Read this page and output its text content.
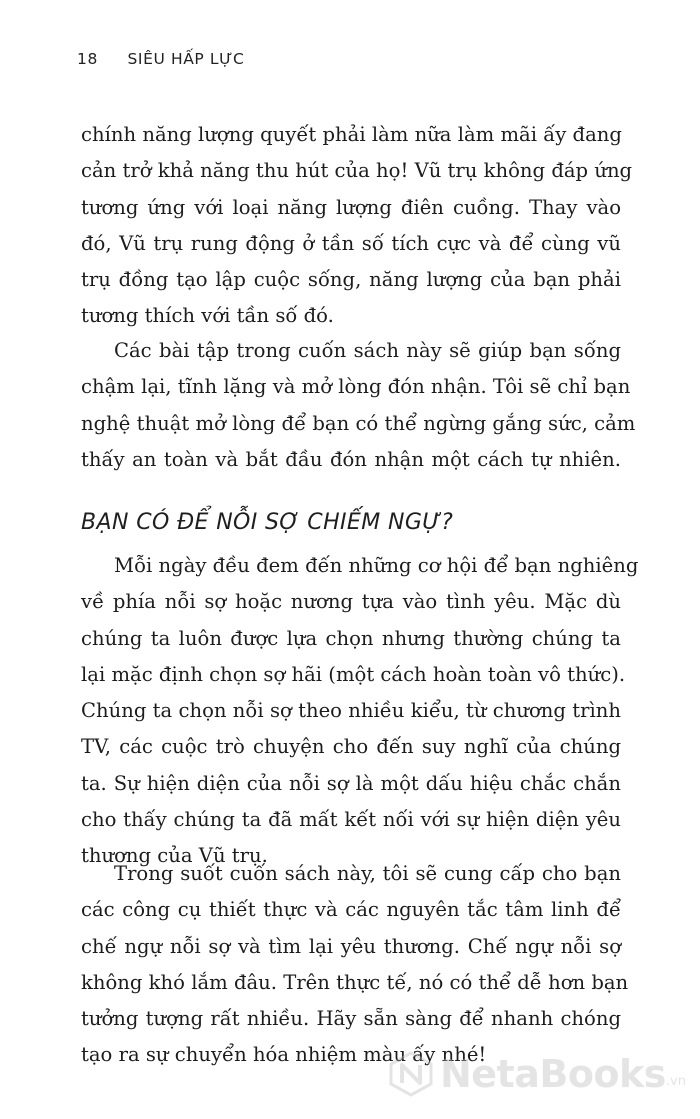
18 SIÊU HẤP LỰC
chính năng lượng quyết phải làm nữa làm mãi ấy đang
cản trở khả năng thu hút của họ! Vũ trụ không đáp ứng
tương ứng với loại năng lượng điên cuồng. Thay vào
đó, Vũ trụ rung động ở tần số tích cực và để cùng vũ
trụ đồng tạo lập cuộc sống, năng lượng của bạn phải
tương thích với tần số đó.
Các bài tập trong cuốn sách này sẽ giúp bạn sống
chậm lại, tĩnh lặng và mở lòng đón nhận. Tôi sẽ chỉ bạn
nghệ thuật mở lòng để bạn có thể ngừng gắng sức, cảm
thấy an toàn và bắt đầu đón nhận một cách tự nhiên.
BẠN CÓ ĐỂ NỖI SỢ CHIẾM NGỰ?
Mỗi ngày đều đem đến những cơ hội để bạn nghiêng
về phía nỗi sợ hoặc nương tựa vào tình yêu. Mặc dù
chúng ta luôn được lựa chọn nhưng thường chúng ta
lại mặc định chọn sợ hãi (một cách hoàn toàn vô thức).
Chúng ta chọn nỗi sợ theo nhiều kiểu, từ chương trình
TV, các cuộc trò chuyện cho đến suy nghĩ của chúng
ta. Sự hiện diện của nỗi sợ là một dấu hiệu chắc chắn
cho thấy chúng ta đã mất kết nối với sự hiện diện yêu
thương của Vũ trụ.
Trong suốt cuốn sách này, tôi sẽ cung cấp cho bạn
các công cụ thiết thực và các nguyên tắc tâm linh để
chế ngự nỗi sợ và tìm lại yêu thương. Chế ngự nỗi sợ
không khó lắm đâu. Trên thực tế, nó có thể dễ hơn bạn
tưởng tượng rất nhiều. Hãy sẵn sàng để nhanh chóng
tạo ra sự chuyển hóa nhiệm màu ấy nhé!
NetaBooks .vn
